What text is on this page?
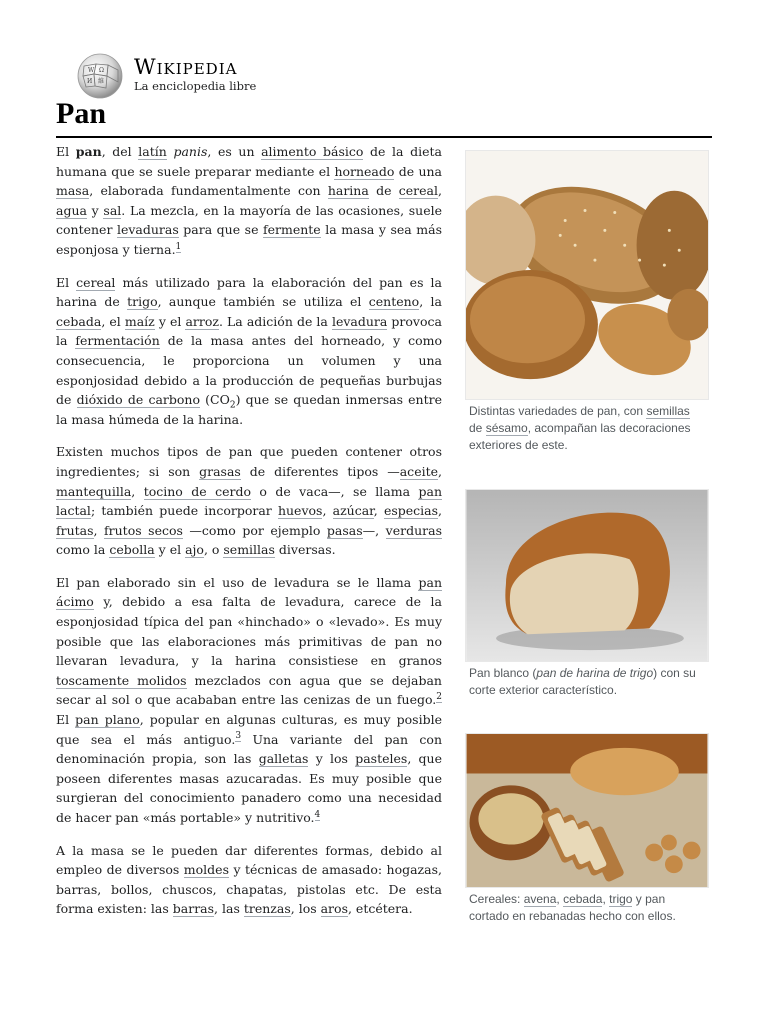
W Ω
И 維
Wikipedia
La enciclopedia libre
Pan

El pan, del latín panis, es un alimento básico de la dieta humana que se suele preparar mediante el horneado de una masa, elaborada fundamentalmente con harina de cereal, agua y sal. La mezcla, en la mayoría de las ocasiones, suele contener levaduras para que se fermente la masa y sea más esponjosa y tierna.$^1$

El cereal más utilizado para la elaboración del pan es la harina de trigo, aunque también se utiliza el centeno, la cebada, el maíz y el arroz. La adición de la levadura provoca la fermentación de la masa antes del horneado, y como consecuencia, le proporciona un volumen y una esponjosidad debido a la producción de pequeñas burbujas de dióxido de carbono $(CO_2)$ que se quedan inmersas entre la masa húmeda de la harina.

Existen muchos tipos de pan que pueden contener otros ingredientes; si son grasas de diferentes tipos —aceite, mantequilla, tocino de cerdo o de vaca—, se llama pan lactal; también puede incorporar huevos, azúcar, especias, frutas, frutos secos —como por ejemplo pasas—, verduras como la cebolla y el ajo, o semillas diversas.

El pan elaborado sin el uso de levadura se le llama pan ácimo y, debido a esa falta de levadura, carece de la esponjosidad típica del pan «hinchado» o «levado». Es muy posible que las elaboraciones más primitivas de pan no llevaran levadura, y la harina consistiese en granos toscamente molidos mezclados con agua que se dejaban secar al sol o que acababan entre las cenizas de un fuego.$^2$ El pan plano, popular en algunas culturas, es muy posible que sea el más antiguo.$^3$ Una variante del pan con denominación propia, son las galletas y los pasteles, que poseen diferentes masas azucaradas. Es muy posible que surgieran del conocimiento panadero como una necesidad de hacer pan «más portable» y nutritivo.$^4$

A la masa se le pueden dar diferentes formas, debido al empleo de diversos moldes y técnicas de amasado: hogazas, barras, bollos, chuscos, chapatas, pistolas etc. De esta forma existen: las barras, las trenzas, los aros, etcétera.

Distintas variedades de pan, con semillas de sésamo, acompañan las decoraciones exteriores de este.
Pan blanco (pan de harina de trigo) con su corte exterior característico.
Cereales: avena, cebada, trigo y pan cortado en rebanadas hecho con ellos.
